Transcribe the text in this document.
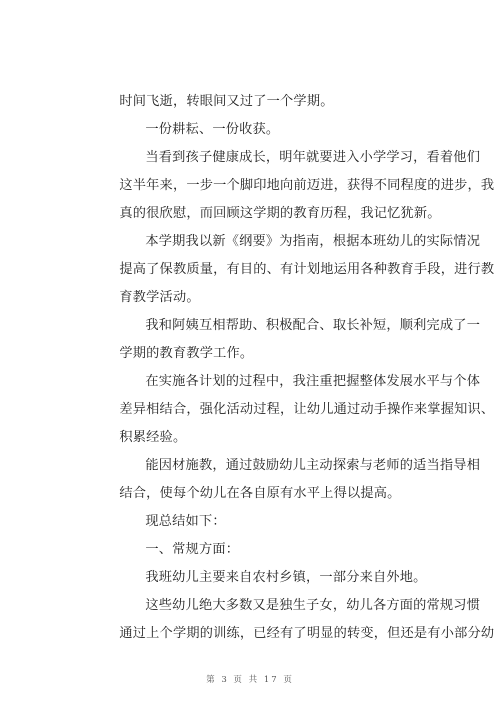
时间飞逝，转眼间又过了一个学期。
一份耕耘、一份收获。
当看到孩子健康成长，明年就要进入小学学习，看着他们
这半年来，一步一个脚印地向前迈进，获得不同程度的进步，我
真的很欣慰，而回顾这学期的教育历程，我记忆犹新。
本学期我以新《纲要》为指南，根据本班幼儿的实际情况
提高了保教质量，有目的、有计划地运用各种教育手段，进行教
育教学活动。
我和阿姨互相帮助、积极配合、取长补短，顺利完成了一
学期的教育教学工作。
在实施各计划的过程中，我注重把握整体发展水平与个体
差异相结合，强化活动过程，让幼儿通过动手操作来掌握知识、
积累经验。
能因材施教，通过鼓励幼儿主动探索与老师的适当指导相
结合，使每个幼儿在各自原有水平上得以提高。
现总结如下：
一、常规方面：
我班幼儿主要来自农村乡镇，一部分来自外地。
这些幼儿绝大多数又是独生子女，幼儿各方面的常规习惯
通过上个学期的训练，已经有了明显的转变，但还是有小部分幼

第 3 页 共 17 页
